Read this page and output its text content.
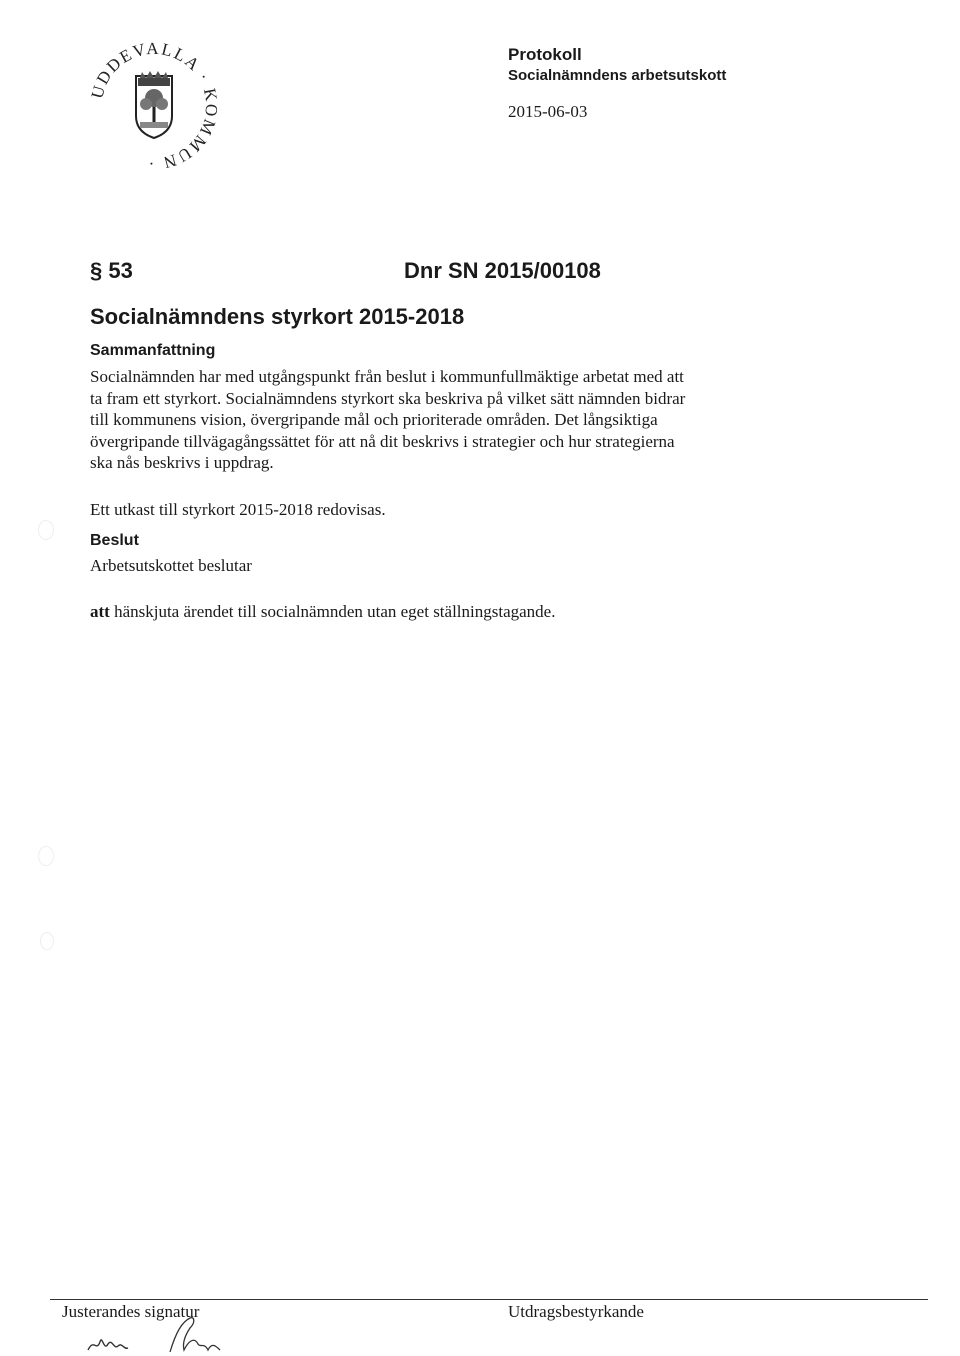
UDDEVALLA · KOMMUN ·
Protokoll
Socialnämndens arbetsutskott
2015-06-03
§ 53	Dnr SN 2015/00108
Socialnämndens styrkort 2015-2018
Sammanfattning
Socialnämnden har med utgångspunkt från beslut i kommunfullmäktige arbetat med att
ta fram ett styrkort. Socialnämndens styrkort ska beskriva på vilket sätt nämnden bidrar
till kommunens vision, övergripande mål och prioriterade områden. Det långsiktiga
övergripande tillvägagångssättet för att nå dit beskrivs i strategier och hur strategierna
ska nås beskrivs i uppdrag.
Ett utkast till styrkort 2015-2018 redovisas.
Beslut
Arbetsutskottet beslutar
att hänskjuta ärendet till socialnämnden utan eget ställningstagande.
Justerandes signatur	Utdragsbestyrkande
